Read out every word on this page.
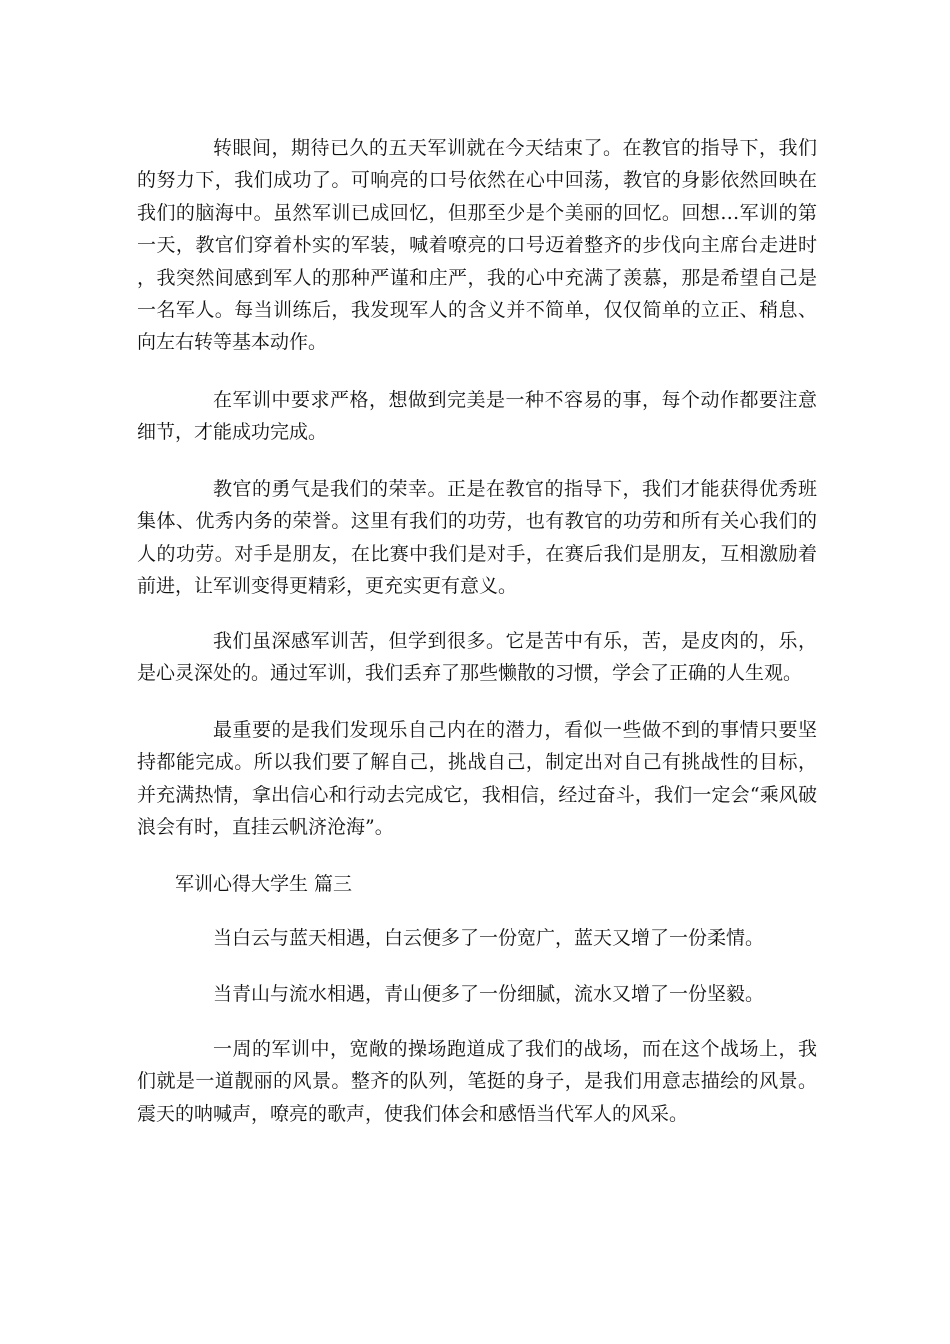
转眼间，期待已久的五天军训就在今天结束了。在教官的指导下，我们的努力下，我们成功了。可响亮的口号依然在心中回荡，教官的身影依然回映在我们的脑海中。虽然军训已成回忆，但那至少是个美丽的回忆。回想…军训的第一天，教官们穿着朴实的军装，喊着嘹亮的口号迈着整齐的步伐向主席台走进时，我突然间感到军人的那种严谨和庄严，我的心中充满了羡慕，那是希望自己是一名军人。每当训练后，我发现军人的含义并不简单，仅仅简单的立正、稍息、向左右转等基本动作。

在军训中要求严格，想做到完美是一种不容易的事，每个动作都要注意细节，才能成功完成。

教官的勇气是我们的荣幸。正是在教官的指导下，我们才能获得优秀班集体、优秀内务的荣誉。这里有我们的功劳，也有教官的功劳和所有关心我们的人的功劳。对手是朋友，在比赛中我们是对手，在赛后我们是朋友，互相激励着前进，让军训变得更精彩，更充实更有意义。

我们虽深感军训苦，但学到很多。它是苦中有乐，苦，是皮肉的，乐，是心灵深处的。通过军训，我们丢弃了那些懒散的习惯，学会了正确的人生观。

最重要的是我们发现乐自己内在的潜力，看似一些做不到的事情只要坚持都能完成。所以我们要了解自己，挑战自己，制定出对自己有挑战性的目标，并充满热情，拿出信心和行动去完成它，我相信，经过奋斗，我们一定会“乘风破浪会有时，直挂云帆济沧海”。

军训心得大学生 篇三

当白云与蓝天相遇，白云便多了一份宽广，蓝天又增了一份柔情。

当青山与流水相遇，青山便多了一份细腻，流水又增了一份坚毅。

一周的军训中，宽敞的操场跑道成了我们的战场，而在这个战场上，我们就是一道靓丽的风景。整齐的队列，笔挺的身子，是我们用意志描绘的风景。震天的呐喊声，嘹亮的歌声，使我们体会和感悟当代军人的风采。
